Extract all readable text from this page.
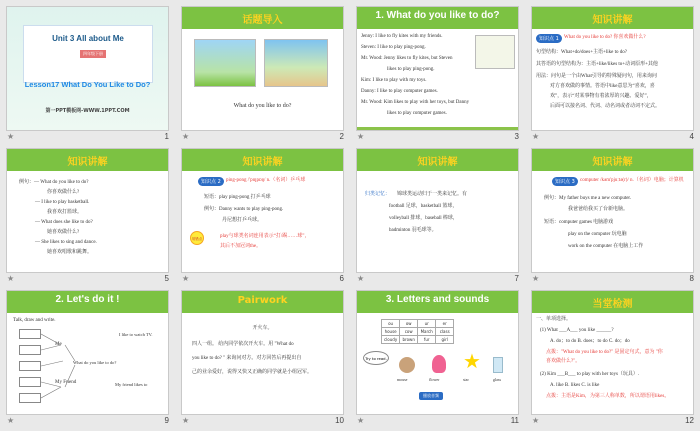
Unit 3 All about Me
四年级下册
Lesson17 What Do You Like to Do?
第一PPT模板网-WWW.1PPT.COM
★	1
话题导入
What do you like to do?
★	2
1. What do you like to do?
Jenny: I like to fly kites with my friends.
Steven: I like to play ping-pong.
Mr. Wood: Jenny likes to fly kites, but Steven
likes to play ping-pong.
Kim: I like to play with my toys.
Danny: I like to play computer games.
Mr. Wood: Kim likes to play with her toys, but Danny
likes to play computer games.
★	3
知识讲解
知识点 1	What do you like to do? 你喜欢做什么?
句型结构：What+do/does+主语+like to do?
其答语的句型结构为：主语+like/likes to+动词原形+其他
用法：问句是一个由What引导的特殊疑问句，用来询问
对方喜欢做的事情。答语中like意思为“喜欢，喜
欢”，表示“对某事物有着浓厚的兴趣、爱好”，
后面可以接名词、代词、动名词或者动词不定式。
★	4
知识讲解
例句：— What do you like to do?
你喜欢做什么?
— I like to play basketball.
我喜欢打篮球。
— What does she like to do?
她喜欢做什么?
— She likes to sing and dance.
她喜欢唱歌和跳舞。
★	5
知识讲解
知识点 2	ping-pong /'pɪŋpɒŋ/ n.（名词）乒乓球
短语：play ping-pong 打乒乓球
例句：Danny wants to play ping-pong.
丹尼想打乒乓球。
易错点	play与球类名词连用表示“打/踢……球”，
其后不加冠词the。
★	6
知识讲解
归类记忆： 锦球类运动归于一类来记忆。有
football 足球，basketball 篮球，
volleyball 排球，baseball 棒球，
badminton 羽毛球等。
★	7
知识讲解
知识点 3	computer /kəm'pjuːtə(r)/ n.（名词）电脑；计算机
例句：My father buys me a new computer.
我爸爸给我买了台新电脑。
短语：computer games 电脑游戏
play on the computer 玩电脑
work on the computer 在电脑上工作
★	8
2. Let's do it !
Talk, draw and write.
Me
My Friend
What do you like to do?
I like to watch TV.
My friend likes to
★	9
Pairwork
开火车。
四人一组。 给内同学依次开火车。用 "What do
you like to do? " 来询问对方。对方回答后再提出自
己的业余爱好，说得又快又正确的同学就是小组冠军。
★	10
3. Letters and sounds
ou	ow	ur	er
house	cow	March	class
cloudy	brown	fur	girl
Try to read.	★
mouse	flower	star	glass
播放音频
★	11
当堂检测
一、单项选择。
(1) What ___A___ you like ______?
A. do；to do B. does；to do C. do；do
点拨："What do you like to do?" 是固定句式，意为 "你
喜欢做什么?"。
(2) Kim ___B___ to play with her toys（玩具）.
A. like B. likes C. is like
点拨：主语是Kim，为第三人称单数，所以谓语用likes。
★	12
